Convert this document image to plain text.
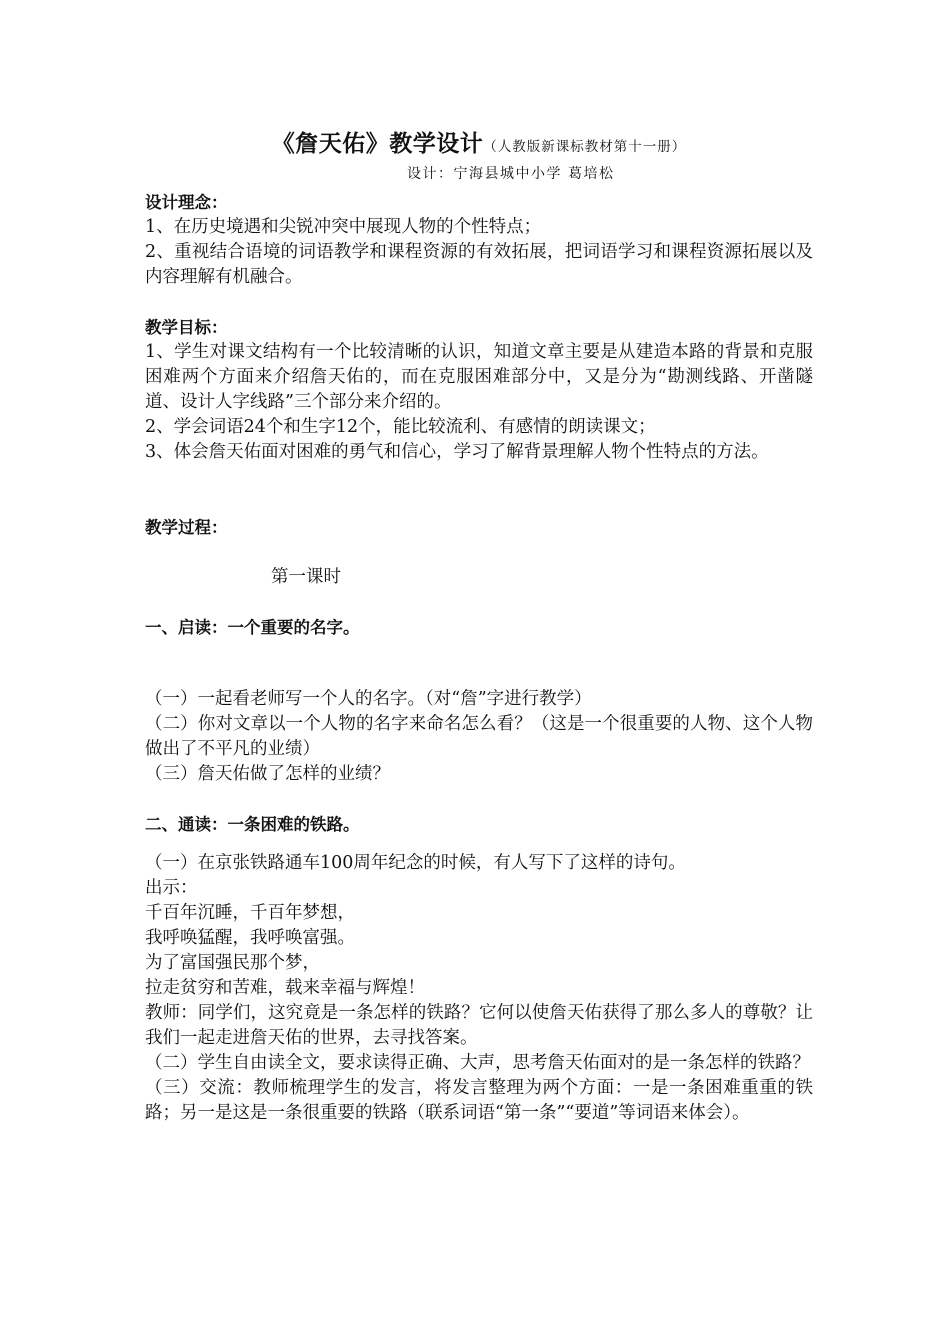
《詹天佑》教学设计（人教版新课标教材第十一册）
设计：宁海县城中小学 葛培松
设计理念：
1、在历史境遇和尖锐冲突中展现人物的个性特点；
2、重视结合语境的词语教学和课程资源的有效拓展，把词语学习和课程资源拓展以及内容理解有机融合。
教学目标：
1、学生对课文结构有一个比较清晰的认识，知道文章主要是从建造本路的背景和克服困难两个方面来介绍詹天佑的，而在克服困难部分中，又是分为“勘测线路、开凿隧道、设计人字线路”三个部分来介绍的。
2、学会词语24个和生字12个，能比较流利、有感情的朗读课文；
3、体会詹天佑面对困难的勇气和信心，学习了解背景理解人物个性特点的方法。
教学过程：
第一课时
一、启读：一个重要的名字。
（一）一起看老师写一个人的名字。（对“詹”字进行教学）
（二）你对文章以一个人物的名字来命名怎么看？（这是一个很重要的人物、这个人物做出了不平凡的业绩）
（三）詹天佑做了怎样的业绩？
二、通读：一条困难的铁路。
（一）在京张铁路通车100周年纪念的时候，有人写下了这样的诗句。
出示：
千百年沉睡，千百年梦想，
我呼唤猛醒，我呼唤富强。
为了富国强民那个梦，
拉走贫穷和苦难，载来幸福与辉煌！
教师：同学们，这究竟是一条怎样的铁路？它何以使詹天佑获得了那么多人的尊敬？让我们一起走进詹天佑的世界，去寻找答案。
（二）学生自由读全文，要求读得正确、大声，思考詹天佑面对的是一条怎样的铁路？
（三）交流：教师梳理学生的发言，将发言整理为两个方面：一是一条困难重重的铁路；另一是这是一条很重要的铁路（联系词语“第一条”“要道”等词语来体会）。
